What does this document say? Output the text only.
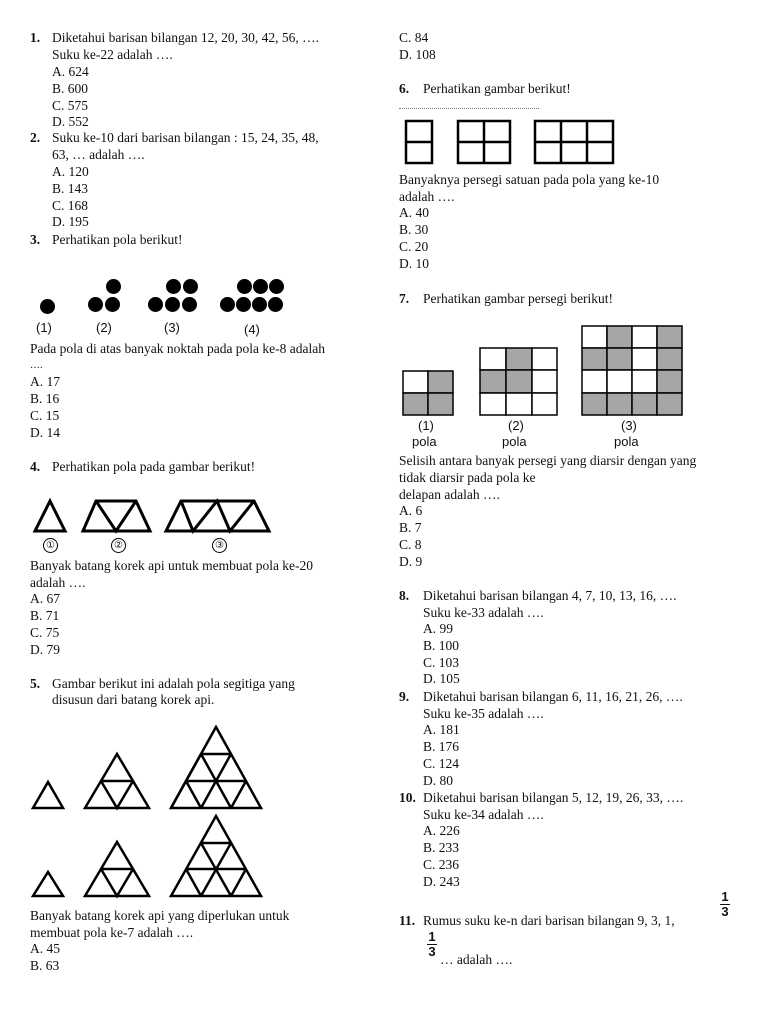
1. Diketahui barisan bilangan 12, 20, 30, 42, 56, ….
Suku ke-22 adalah ….
A. 624
B. 600
C. 575
D. 552
2. Suku ke-10 dari barisan bilangan : 15, 24, 35, 48,
63, … adalah ….
A. 120
B. 143
C. 168
D. 195
3. Perhatikan pola berikut!
(1)	(2)	(3)	(4)
Pada pola di atas banyak noktah pada pola ke-8 adalah
….
A. 17
B. 16
C. 15
D. 14
4. Perhatikan pola pada gambar berikut!
①	②	③
Banyak batang korek api untuk membuat pola ke-20
adalah ….
A. 67
B. 71
C. 75
D. 79
5. Gambar berikut ini adalah pola segitiga yang
disusun dari batang korek api.
Banyak batang korek api yang diperlukan untuk
membuat pola ke-7 adalah ….
A. 45
B. 63
C. 84
D. 108
6. Perhatikan gambar berikut!
Banyaknya persegi satuan pada pola yang ke-10
adalah ….
A. 40
B. 30
C. 20
D. 10
7. Perhatikan gambar persegi berikut!
(1)	(2)	(3)
pola	pola	pola
Selisih antara banyak persegi yang diarsir dengan yang
tidak diarsir pada pola ke
delapan adalah ….
A. 6
B. 7
C. 8
D. 9
8. Diketahui barisan bilangan 4, 7, 10, 13, 16, ….
Suku ke-33 adalah ….
A. 99
B. 100
C. 103
D. 105
9. Diketahui barisan bilangan 6, 11, 16, 21, 26, ….
Suku ke-35 adalah ….
A. 181
B. 176
C. 124
D. 80
10. Diketahui barisan bilangan 5, 12, 19, 26, 33, ….
Suku ke-34 adalah ….
A. 226
B. 233
C. 236
D. 243
1
3
11. Rumus suku ke-n dari barisan bilangan 9, 3, 1,
1
3
… adalah ….
